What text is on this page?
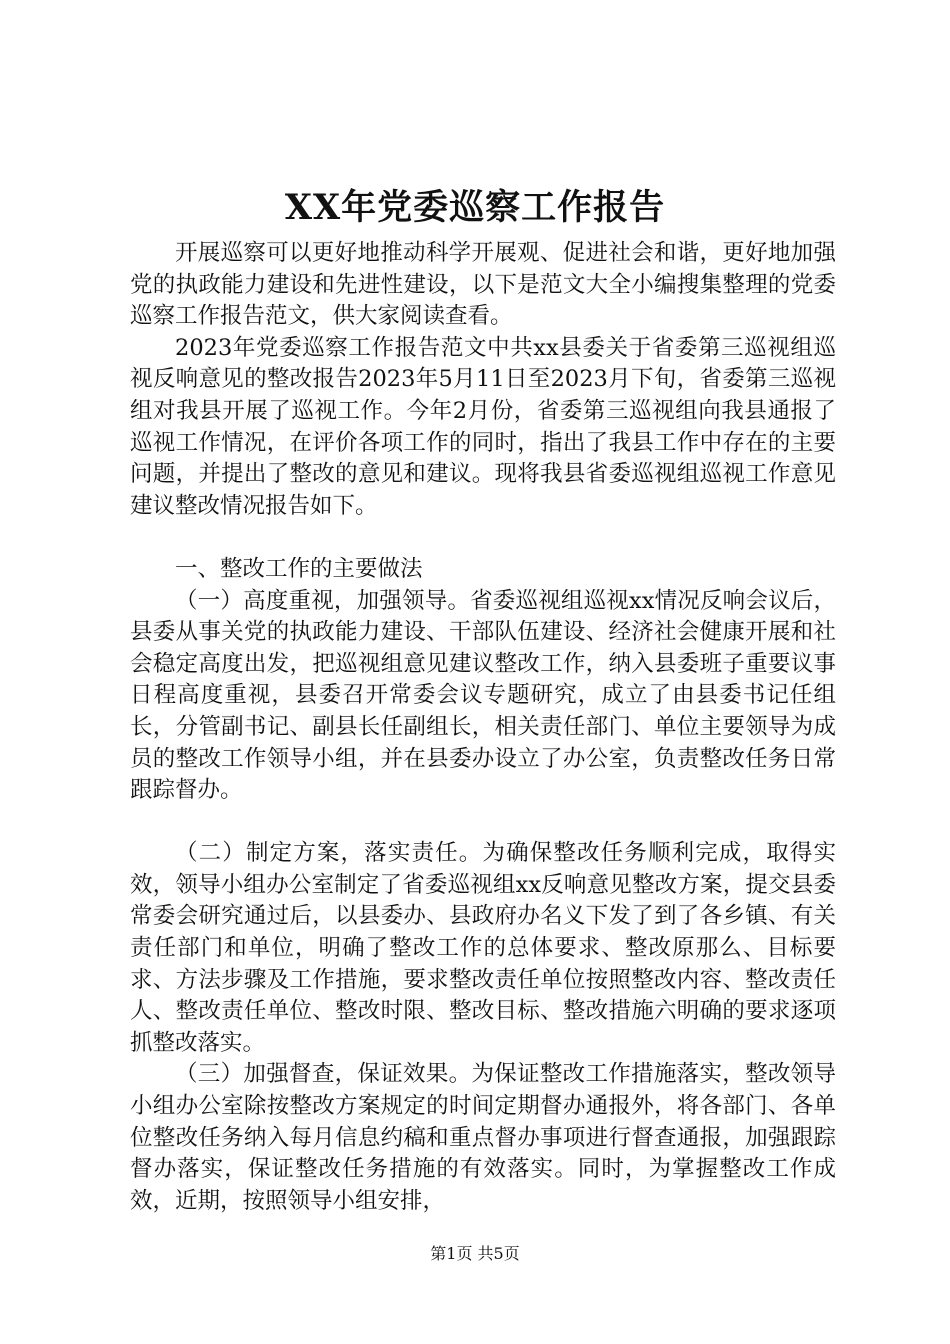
XX年党委巡察工作报告

开展巡察可以更好地推动科学开展观、促进社会和谐，更好地加强党的执政能力建设和先进性建设，以下是范文大全小编搜集整理的党委巡察工作报告范文，供大家阅读查看。

2023年党委巡察工作报告范文中共xx县委关于省委第三巡视组巡视反响意见的整改报告2023年5月11日至2023月下旬，省委第三巡视组对我县开展了巡视工作。今年2月份，省委第三巡视组向我县通报了巡视工作情况，在评价各项工作的同时，指出了我县工作中存在的主要问题，并提出了整改的意见和建议。现将我县省委巡视组巡视工作意见建议整改情况报告如下。

一、整改工作的主要做法

（一）高度重视，加强领导。省委巡视组巡视xx情况反响会议后，县委从事关党的执政能力建设、干部队伍建设、经济社会健康开展和社会稳定高度出发，把巡视组意见建议整改工作，纳入县委班子重要议事日程高度重视，县委召开常委会议专题研究，成立了由县委书记任组长，分管副书记、副县长任副组长，相关责任部门、单位主要领导为成员的整改工作领导小组，并在县委办设立了办公室，负责整改任务日常跟踪督办。

（二）制定方案，落实责任。为确保整改任务顺利完成，取得实效，领导小组办公室制定了省委巡视组xx反响意见整改方案，提交县委常委会研究通过后，以县委办、县政府办名义下发了到了各乡镇、有关责任部门和单位，明确了整改工作的总体要求、整改原那么、目标要求、方法步骤及工作措施，要求整改责任单位按照整改内容、整改责任人、整改责任单位、整改时限、整改目标、整改措施六明确的要求逐项抓整改落实。

（三）加强督查，保证效果。为保证整改工作措施落实，整改领导小组办公室除按整改方案规定的时间定期督办通报外，将各部门、各单位整改任务纳入每月信息约稿和重点督办事项进行督查通报，加强跟踪督办落实，保证整改任务措施的有效落实。同时，为掌握整改工作成效，近期，按照领导小组安排，

第1页 共5页
